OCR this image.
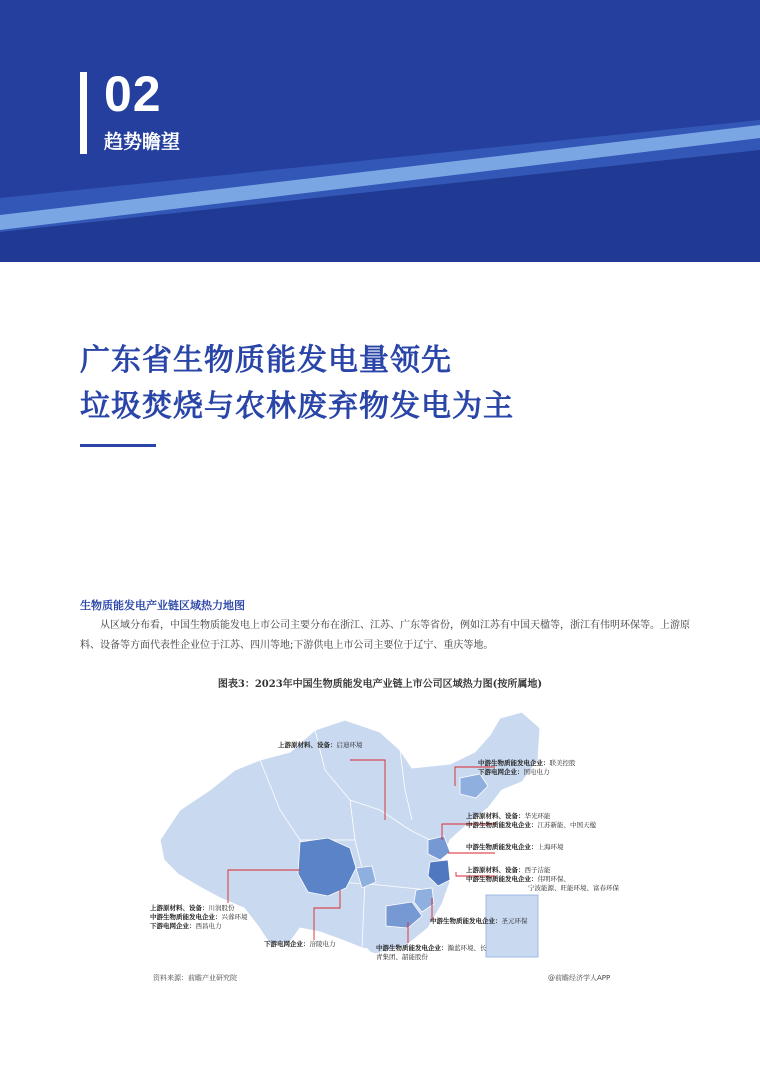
02
趋势瞻望
广东省生物质能发电量领先
垃圾焚烧与农林废弃物发电为主
生物质能发电产业链区域热力地图
从区域分布看，中国生物质能发电上市公司主要分布在浙江、江苏、广东等省份，例如江苏有中国天楹等，浙江有伟明环保等。上游原料、设备等方面代表性企业位于江苏、四川等地;下游供电上市公司主要位于辽宁、重庆等地。
图表3：2023年中国生物质能发电产业链上市公司区域热力图(按所属地)
上游原材料、设备：启迪环境
中游生物质能发电企业：联美控股
下游电网企业：国电电力
上游原材料、设备：华光环能
中游生物质能发电企业：江苏新能、中国天楹
中游生物质能发电企业：上海环境
上游原材料、设备：西子洁能
中游生物质能发电企业：伟明环保、
宁波能源、旺能环境、富春环保
上游原材料、设备：川润股份
中游生物质能发电企业：兴蓉环境
下游电网企业：西昌电力
下游电网企业：涪陵电力
中游生物质能发电企业：圣元环保
中游生物质能发电企业：瀚蓝环境、长
青集团、韶能股份
资料来源：前瞻产业研究院	@前瞻经济学人APP
